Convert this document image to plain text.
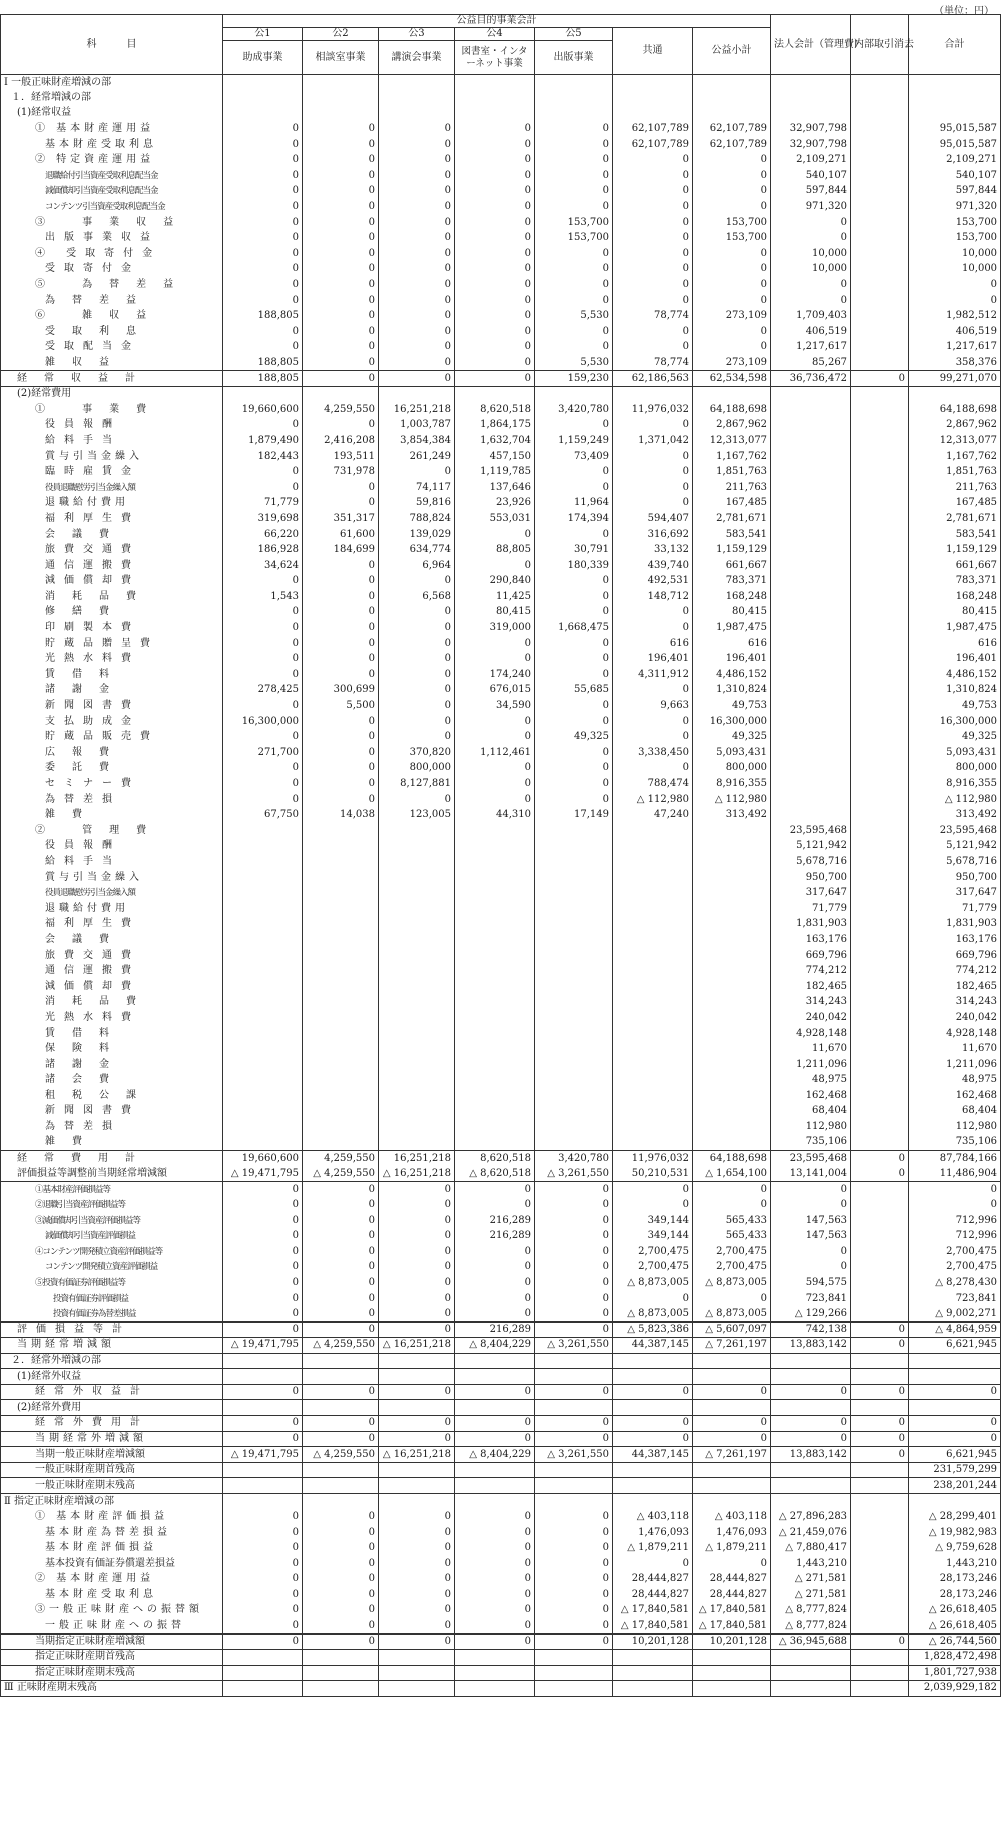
（単位：円）
科　　　目	公益目的事業会計							法人会計（管理費）	内部取引消去	合計
	公1	公2	公3	公4	公5	共通	公益小計			
	助成事業	相談室事業	講演会事業	図書室・インターネット事業	出版事業					
Ⅰ 一般正味財産増減の部										
１．経常増減の部										
(1)経常収益										
① 基本財産運用益	0	0	0	0	0	62,107,789	62,107,789	32,907,798		95,015,587
基本財産受取利息	0	0	0	0	0	62,107,789	62,107,789	32,907,798		95,015,587
② 特定資産運用益	0	0	0	0	0	0	0	2,109,271		2,109,271
退職給付引当資産受取利息配当金	0	0	0	0	0	0	0	540,107		540,107
減価償却引当資産受取利息配当金	0	0	0	0	0	0	0	597,844		597,844
コンテンツ引当資産受取利息配当金	0	0	0	0	0	0	0	971,320		971,320
③ 事業収益	0	0	0	0	153,700	0	153,700	0		153,700
出版事業収益	0	0	0	0	153,700	0	153,700	0		153,700
④ 受取寄付金	0	0	0	0	0	0	0	10,000		10,000
受取寄付金	0	0	0	0	0	0	0	10,000		10,000
⑤ 為替差益	0	0	0	0	0	0	0	0		0
為替差益	0	0	0	0	0	0	0	0		0
⑥ 雑収益	188,805	0	0	0	5,530	78,774	273,109	1,709,403		1,982,512
受取利息	0	0	0	0	0	0	0	406,519		406,519
受取配当金	0	0	0	0	0	0	0	1,217,617		1,217,617
雑収益	188,805	0	0	0	5,530	78,774	273,109	85,267		358,376
経常収益計	188,805	0	0	0	159,230	62,186,563	62,534,598	36,736,472	0	99,271,070
(2)経常費用										
① 事業費	19,660,600	4,259,550	16,251,218	8,620,518	3,420,780	11,976,032	64,188,698			64,188,698
役員報酬	0	0	1,003,787	1,864,175	0	0	2,867,962			2,867,962
給料手当	1,879,490	2,416,208	3,854,384	1,632,704	1,159,249	1,371,042	12,313,077			12,313,077
賞与引当金繰入	182,443	193,511	261,249	457,150	73,409	0	1,167,762			1,167,762
臨時雇賃金	0	731,978	0	1,119,785	0	0	1,851,763			1,851,763
役員退職慰労引当金繰入額	0	0	74,117	137,646	0	0	211,763			211,763
退職給付費用	71,779	0	59,816	23,926	11,964	0	167,485			167,485
福利厚生費	319,698	351,317	788,824	553,031	174,394	594,407	2,781,671			2,781,671
会議費	66,220	61,600	139,029	0	0	316,692	583,541			583,541
旅費交通費	186,928	184,699	634,774	88,805	30,791	33,132	1,159,129			1,159,129
通信運搬費	34,624	0	6,964	0	180,339	439,740	661,667			661,667
減価償却費	0	0	0	290,840	0	492,531	783,371			783,371
消耗品費	1,543	0	6,568	11,425	0	148,712	168,248			168,248
修繕費	0	0	0	80,415	0	0	80,415			80,415
印刷製本費	0	0	0	319,000	1,668,475	0	1,987,475			1,987,475
貯蔵品贈呈費	0	0	0	0	0	616	616			616
光熱水料費	0	0	0	0	0	196,401	196,401			196,401
賃借料	0	0	0	174,240	0	4,311,912	4,486,152			4,486,152
諸謝金	278,425	300,699	0	676,015	55,685	0	1,310,824			1,310,824
新聞図書費	0	5,500	0	34,590	0	9,663	49,753			49,753
支払助成金	16,300,000	0	0	0	0	0	16,300,000			16,300,000
貯蔵品販売費	0	0	0	0	49,325	0	49,325			49,325
広報費	271,700	0	370,820	1,112,461	0	3,338,450	5,093,431			5,093,431
委託費	0	0	800,000	0	0	0	800,000			800,000
セミナー費	0	0	8,127,881	0	0	788,474	8,916,355			8,916,355
為替差損	0	0	0	0	0	△ 112,980	△ 112,980			△ 112,980
雑費	67,750	14,038	123,005	44,310	17,149	47,240	313,492			313,492
② 管理費								23,595,468		23,595,468
役員報酬								5,121,942		5,121,942
給料手当								5,678,716		5,678,716
賞与引当金繰入								950,700		950,700
役員退職慰労引当金繰入額								317,647		317,647
退職給付費用								71,779		71,779
福利厚生費								1,831,903		1,831,903
会議費								163,176		163,176
旅費交通費								669,796		669,796
通信運搬費								774,212		774,212
減価償却費								182,465		182,465
消耗品費								314,243		314,243
光熱水料費								240,042		240,042
賃借料								4,928,148		4,928,148
保険料								11,670		11,670
諸謝金								1,211,096		1,211,096
諸会費								48,975		48,975
租税公課								162,468		162,468
新聞図書費								68,404		68,404
為替差損								112,980		112,980
雑費								735,106		735,106
経常費用計	19,660,600	4,259,550	16,251,218	8,620,518	3,420,780	11,976,032	64,188,698	23,595,468	0	87,784,166
評価損益等調整前当期経常増減額	△ 19,471,795	△ 4,259,550	△ 16,251,218	△ 8,620,518	△ 3,261,550	50,210,531	△ 1,654,100	13,141,004	0	11,486,904
①基本財産評価損益等	0	0	0	0	0	0	0	0		0
②退職引当資産評価損益等	0	0	0	0	0	0	0	0		0
③減価償却引当資産評価損益等	0	0	0	216,289	0	349,144	565,433	147,563		712,996
減価償却引当資産評価損益	0	0	0	216,289	0	349,144	565,433	147,563		712,996
④コンテンツ開発積立資産評価損益等	0	0	0	0	0	2,700,475	2,700,475	0		2,700,475
コンテンツ開発積立資産評価損益	0	0	0	0	0	2,700,475	2,700,475	0		2,700,475
⑤投資有価証券評価損益等	0	0	0	0	0	△ 8,873,005	△ 8,873,005	594,575		△ 8,278,430
投資有価証券評価損益	0	0	0	0	0	0	0	723,841		723,841
投資有価証券為替差損益	0	0	0	0	0	△ 8,873,005	△ 8,873,005	△ 129,266		△ 9,002,271
評価損益等計	0	0	0	216,289	0	△ 5,823,386	△ 5,607,097	742,138	0	△ 4,864,959
当期経常増減額	△ 19,471,795	△ 4,259,550	△ 16,251,218	△ 8,404,229	△ 3,261,550	44,387,145	△ 7,261,197	13,883,142	0	6,621,945
２．経常外増減の部										
(1)経常外収益										
経常外収益計	0	0	0	0	0	0	0	0	0	0
(2)経常外費用										
経常外費用計	0	0	0	0	0	0	0	0	0	0
当期経常外増減額	0	0	0	0	0	0	0	0	0	0
当期一般正味財産増減額	△ 19,471,795	△ 4,259,550	△ 16,251,218	△ 8,404,229	△ 3,261,550	44,387,145	△ 7,261,197	13,883,142	0	6,621,945
一般正味財産期首残高										231,579,299
一般正味財産期末残高										238,201,244
Ⅱ 指定正味財産増減の部										
① 基本財産評価損益	0	0	0	0	0	△ 403,118	△ 403,118	△ 27,896,283		△ 28,299,401
基本財産為替差損益	0	0	0	0	0	1,476,093	1,476,093	△ 21,459,076		△ 19,982,983
基本財産評価損益	0	0	0	0	0	△ 1,879,211	△ 1,879,211	△ 7,880,417		△ 9,759,628
基本投資有価証券償還差損益	0	0	0	0	0	0	0	1,443,210		1,443,210
② 基本財産運用益	0	0	0	0	0	28,444,827	28,444,827	△ 271,581		28,173,246
基本財産受取利息	0	0	0	0	0	28,444,827	28,444,827	△ 271,581		28,173,246
③一般正味財産への振替額	0	0	0	0	0	△ 17,840,581	△ 17,840,581	△ 8,777,824		△ 26,618,405
一般正味財産への振替	0	0	0	0	0	△ 17,840,581	△ 17,840,581	△ 8,777,824		△ 26,618,405
当期指定正味財産増減額	0	0	0	0	0	10,201,128	10,201,128	△ 36,945,688	0	△ 26,744,560
指定正味財産期首残高										1,828,472,498
指定正味財産期末残高										1,801,727,938
Ⅲ 正味財産期末残高										2,039,929,182
